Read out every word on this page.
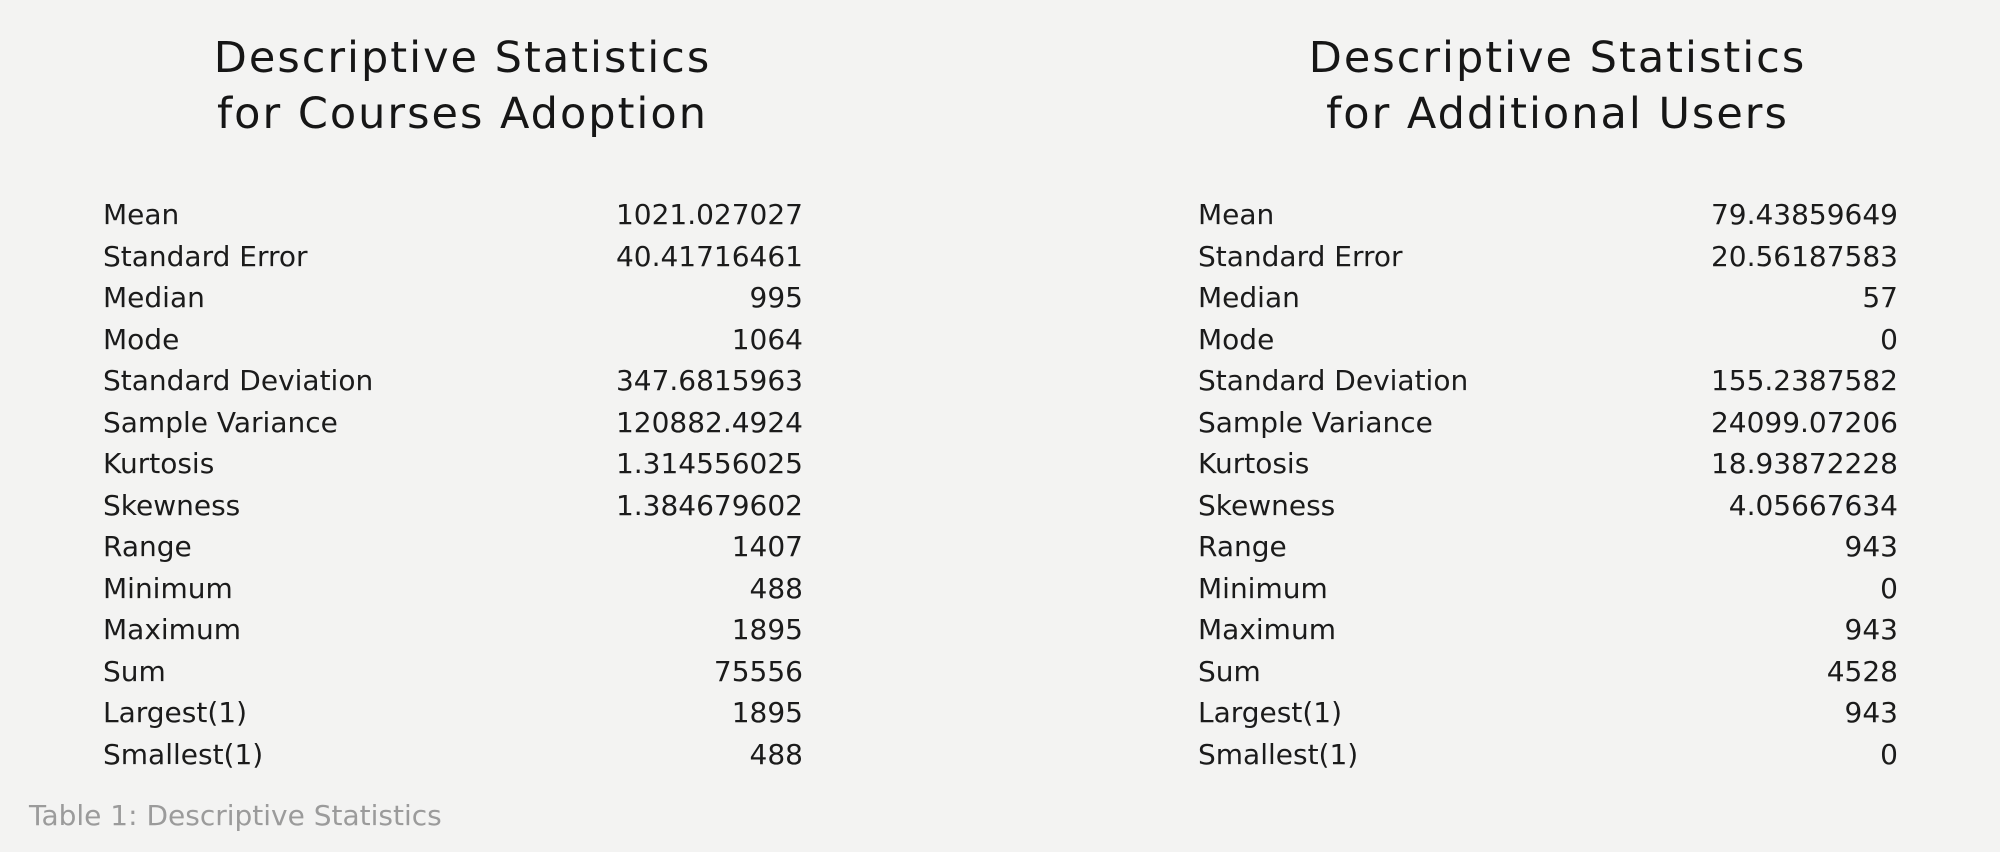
Descriptive Statistics
for Courses Adoption
Mean	1021.027027
Standard Error	40.41716461
Median	995
Mode	1064
Standard Deviation	347.6815963
Sample Variance	120882.4924
Kurtosis	1.314556025
Skewness	1.384679602
Range	1407
Minimum	488
Maximum	1895
Sum	75556
Largest(1)	1895
Smallest(1)	488
Descriptive Statistics
for Additional Users
Mean	79.43859649
Standard Error	20.56187583
Median	57
Mode	0
Standard Deviation	155.2387582
Sample Variance	24099.07206
Kurtosis	18.93872228
Skewness	4.05667634
Range	943
Minimum	0
Maximum	943
Sum	4528
Largest(1)	943
Smallest(1)	0

Table 1: Descriptive Statistics
